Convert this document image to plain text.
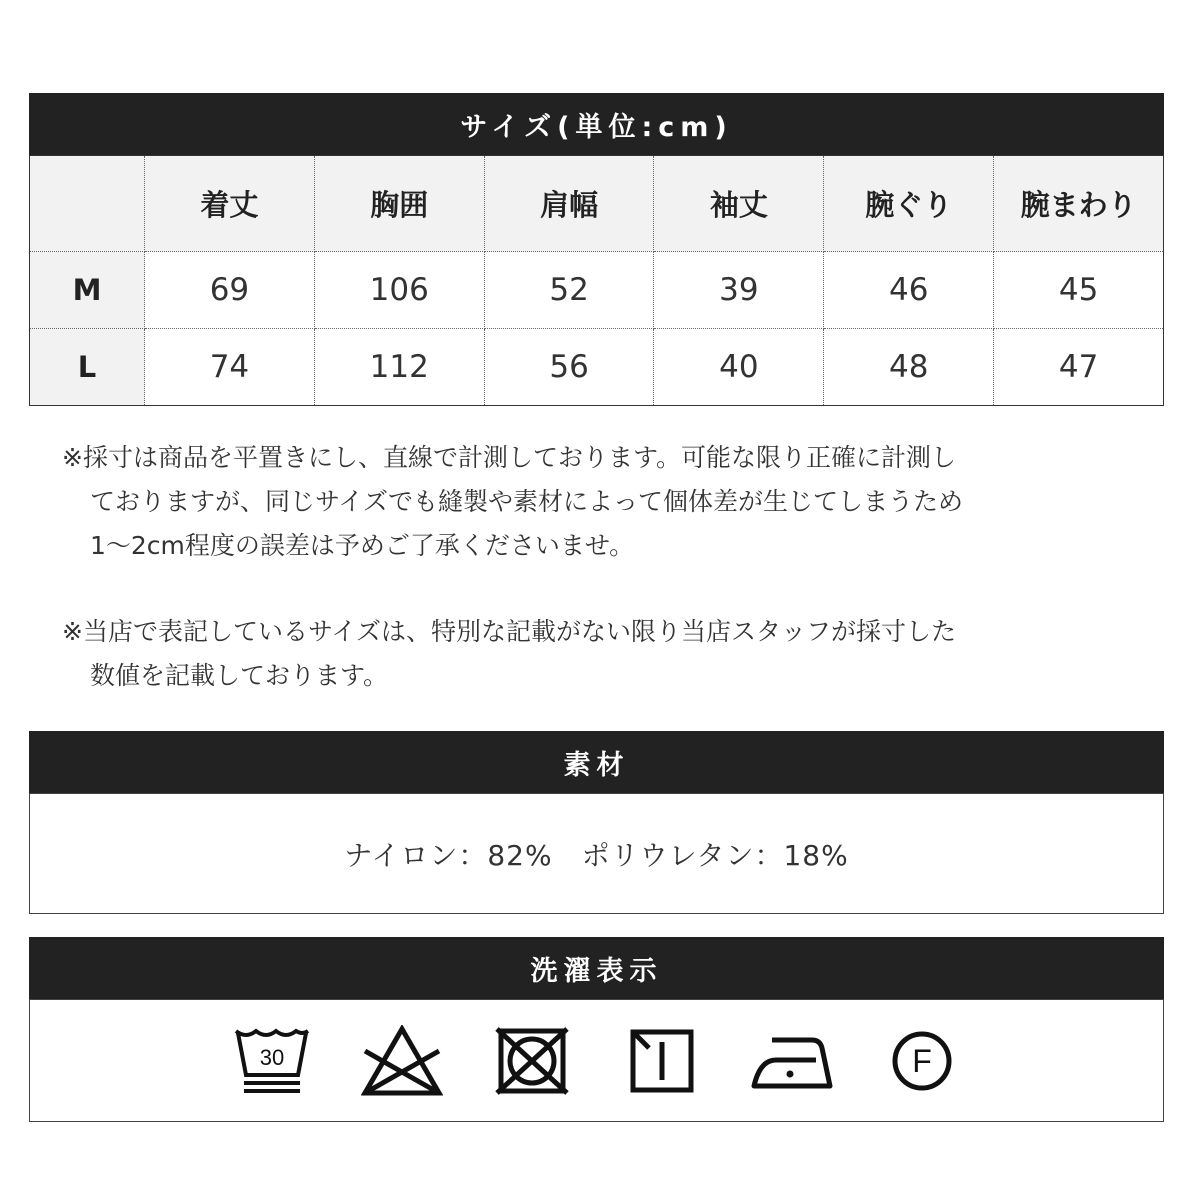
サイズ(単位:cm)
	着丈	胸囲	肩幅	袖丈	腕ぐり	腕まわり
M	69	106	52	39	46	45
L	74	112	56	40	48	47
※採寸は商品を平置きにし、直線で計測しております。可能な限り正確に計測し
ておりますが、同じサイズでも縫製や素材によって個体差が生じてしまうため
1〜2cm程度の誤差は予めご了承くださいませ。
※当店で表記しているサイズは、特別な記載がない限り当店スタッフが採寸した
数値を記載しております。
素材
ナイロン：82%　ポリウレタン：18%
洗濯表示
30	F
